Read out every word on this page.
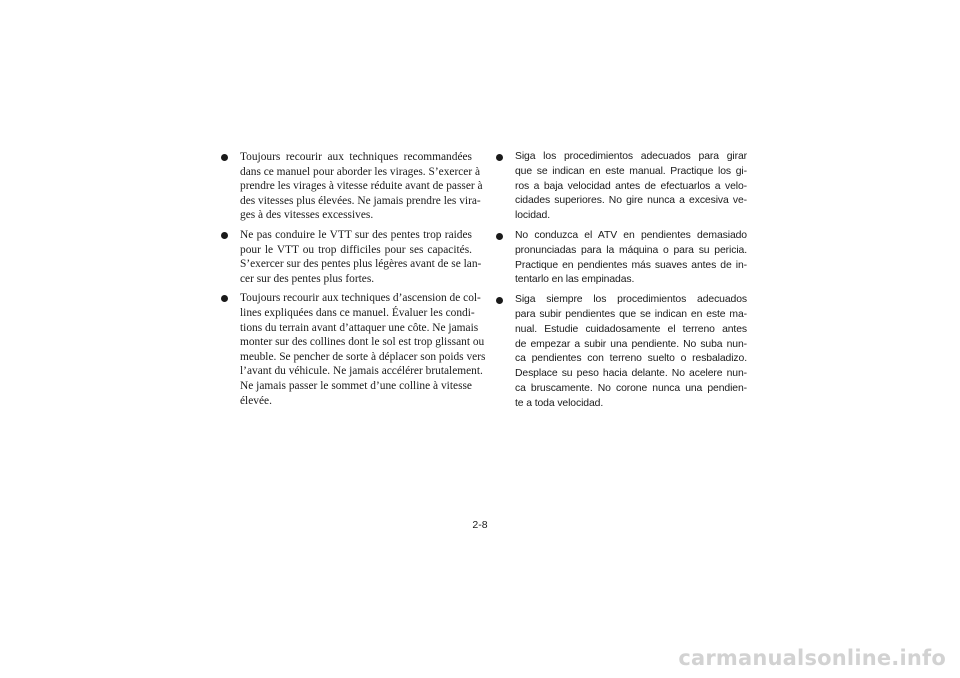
Toujours recourir aux techniques recommandées
dans ce manuel pour aborder les virages. S’exercer à
prendre les virages à vitesse réduite avant de passer à
des vitesses plus élevées. Ne jamais prendre les vira-
ges à des vitesses excessives.
Ne pas conduire le VTT sur des pentes trop raides
pour le VTT ou trop difficiles pour ses capacités.
S’exercer sur des pentes plus légères avant de se lan-
cer sur des pentes plus fortes.
Toujours recourir aux techniques d’ascension de col-
lines expliquées dans ce manuel. Évaluer les condi-
tions du terrain avant d’attaquer une côte. Ne jamais
monter sur des collines dont le sol est trop glissant ou
meuble. Se pencher de sorte à déplacer son poids vers
l’avant du véhicule. Ne jamais accélérer brutalement.
Ne jamais passer le sommet d’une colline à vitesse
élevée.
Siga los procedimientos adecuados para girar
que se indican en este manual. Practique los gi-
ros a baja velocidad antes de efectuarlos a velo-
cidades superiores. No gire nunca a excesiva ve-
locidad.
No conduzca el ATV en pendientes demasiado
pronunciadas para la máquina o para su pericia.
Practique en pendientes más suaves antes de in-
tentarlo en las empinadas.
Siga siempre los procedimientos adecuados
para subir pendientes que se indican en este ma-
nual. Estudie cuidadosamente el terreno antes
de empezar a subir una pendiente. No suba nun-
ca pendientes con terreno suelto o resbaladizo.
Desplace su peso hacia delante. No acelere nun-
ca bruscamente. No corone nunca una pendien-
te a toda velocidad.
2-8
carmanualsonline.info
